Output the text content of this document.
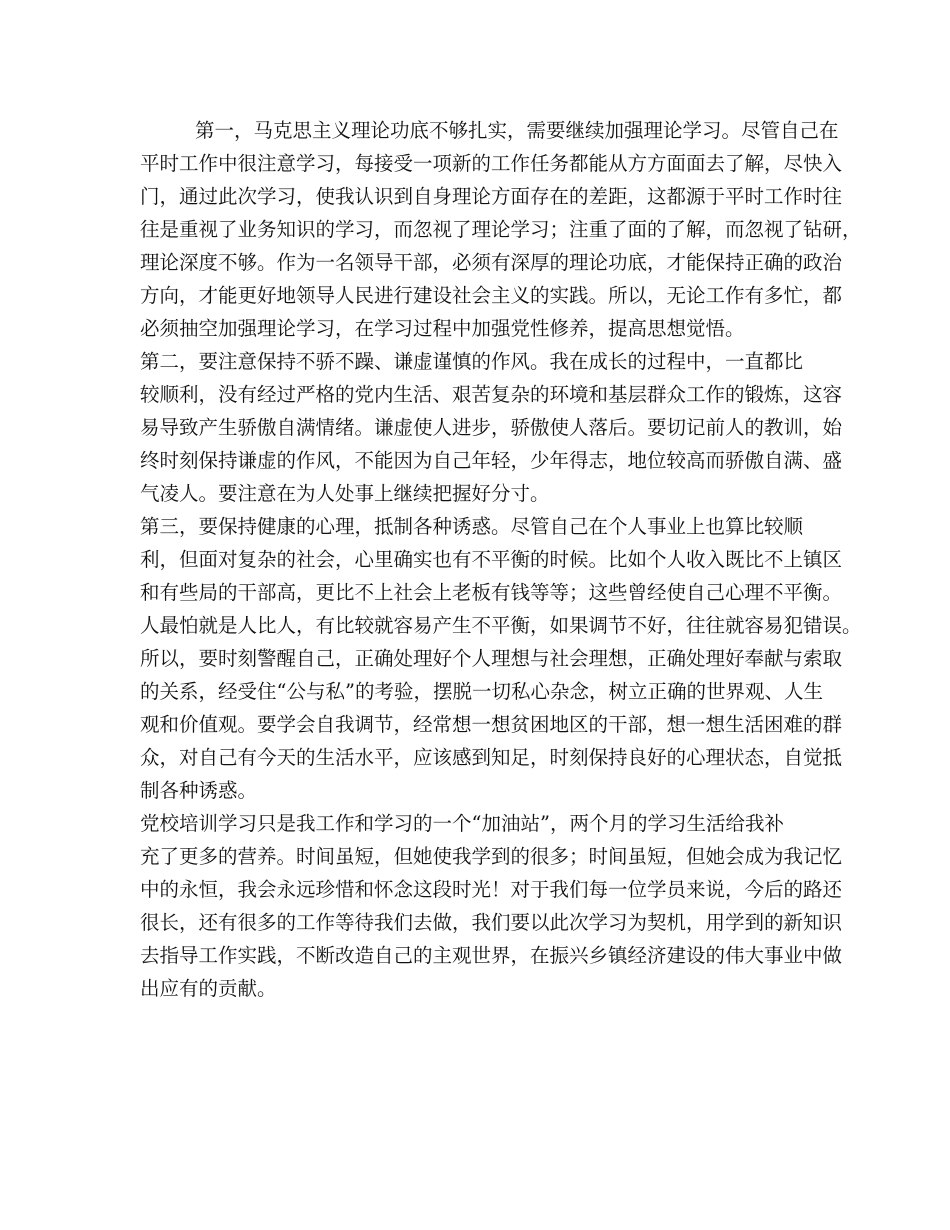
第一，马克思主义理论功底不够扎实，需要继续加强理论学习。尽管自己在

平时工作中很注意学习，每接受一项新的工作任务都能从方方面面去了解，尽快入

门，通过此次学习，使我认识到自身理论方面存在的差距，这都源于平时工作时往

往是重视了业务知识的学习，而忽视了理论学习；注重了面的了解，而忽视了钻研，

理论深度不够。作为一名领导干部，必须有深厚的理论功底，才能保持正确的政治

方向，才能更好地领导人民进行建设社会主义的实践。所以，无论工作有多忙，都

必须抽空加强理论学习，在学习过程中加强党性修养，提高思想觉悟。

第二，要注意保持不骄不躁、谦虚谨慎的作风。我在成长的过程中，一直都比

较顺利，没有经过严格的党内生活、艰苦复杂的环境和基层群众工作的锻炼，这容

易导致产生骄傲自满情绪。谦虚使人进步，骄傲使人落后。要切记前人的教训，始

终时刻保持谦虚的作风，不能因为自己年轻，少年得志，地位较高而骄傲自满、盛

气凌人。要注意在为人处事上继续把握好分寸。

第三，要保持健康的心理，抵制各种诱惑。尽管自己在个人事业上也算比较顺

利，但面对复杂的社会，心里确实也有不平衡的时候。比如个人收入既比不上镇区

和有些局的干部高，更比不上社会上老板有钱等等；这些曾经使自己心理不平衡。

人最怕就是人比人，有比较就容易产生不平衡，如果调节不好，往往就容易犯错误。

所以，要时刻警醒自己，正确处理好个人理想与社会理想，正确处理好奉献与索取

的关系，经受住“公与私”的考验，摆脱一切私心杂念，树立正确的世界观、人生

观和价值观。要学会自我调节，经常想一想贫困地区的干部，想一想生活困难的群

众，对自己有今天的生活水平，应该感到知足，时刻保持良好的心理状态，自觉抵

制各种诱惑。

党校培训学习只是我工作和学习的一个“加油站”，两个月的学习生活给我补

充了更多的营养。时间虽短，但她使我学到的很多；时间虽短，但她会成为我记忆

中的永恒，我会永远珍惜和怀念这段时光！对于我们每一位学员来说，今后的路还

很长，还有很多的工作等待我们去做，我们要以此次学习为契机，用学到的新知识

去指导工作实践，不断改造自己的主观世界，在振兴乡镇经济建设的伟大事业中做

出应有的贡献。
